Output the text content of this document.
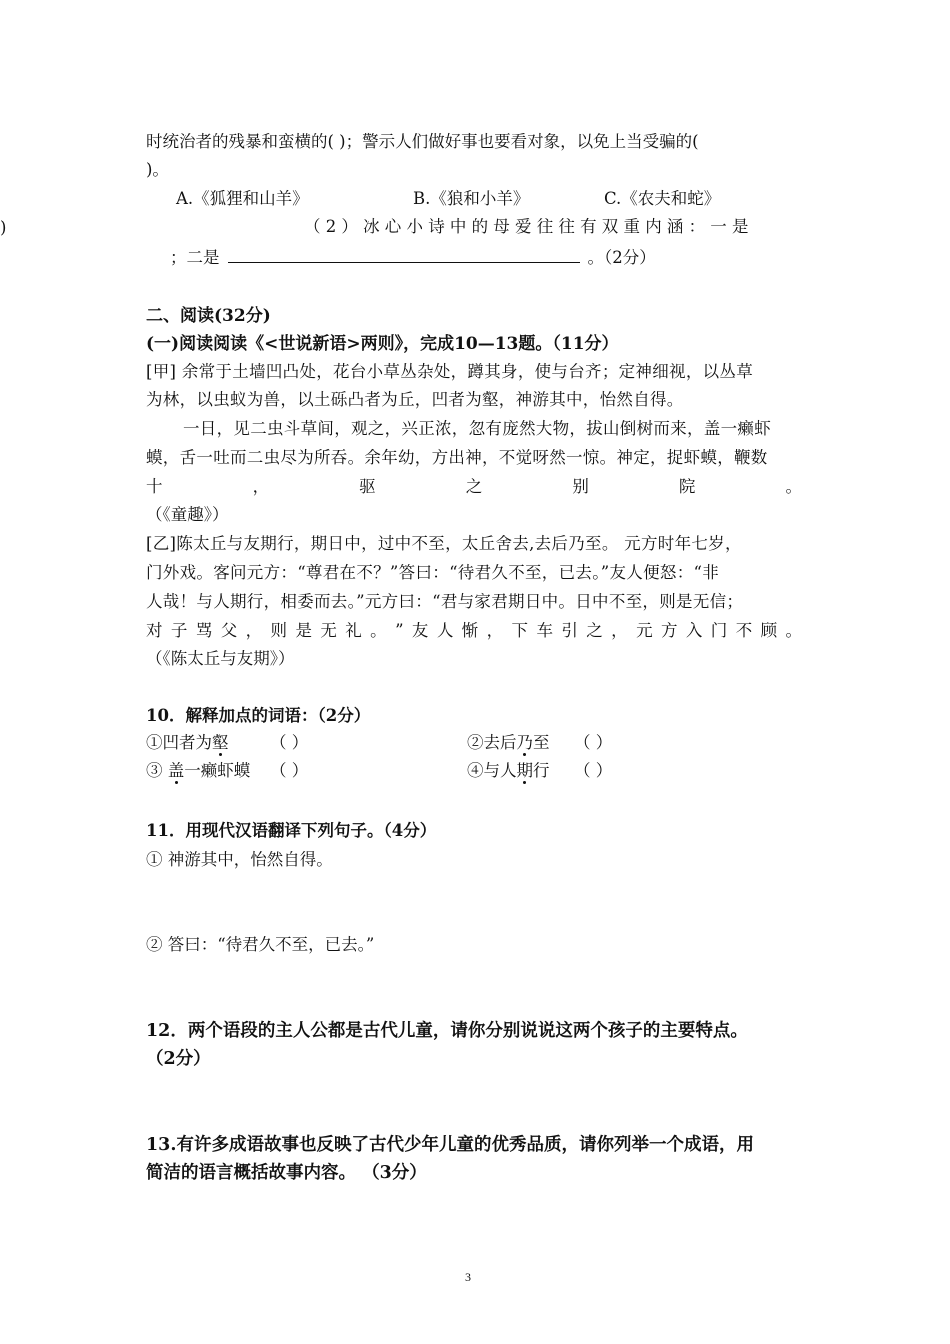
时统治者的残暴和蛮横的( )；警示人们做好事也要看对象，以免上当受骗的(
)。
A.《狐狸和山羊》	B.《狼和小羊》	C.《农夫和蛇》
)	（2）冰心小诗中的母爱往往有双重内涵：一是
；二是	。（2分）
二、阅读(32分)
(一)阅读阅读《<世说新语>两则》，完成10—13题。（11分）
[甲] 余常于土墙凹凸处，花台小草丛杂处，蹲其身，使与台齐；定神细视，以丛草
为林，以虫蚁为兽，以土砾凸者为丘，凹者为壑，神游其中，怡然自得。
一日，见二虫斗草间，观之，兴正浓，忽有庞然大物，拔山倒树而来，盖一癞虾
蟆，舌一吐而二虫尽为所吞。余年幼，方出神，不觉呀然一惊。神定，捉虾蟆，鞭数
十	，	驱	之	别	院	。
（《童趣》）
[乙]陈太丘与友期行，期日中，过中不至，太丘舍去,去后乃至。 元方时年七岁，
门外戏。客问元方：“尊君在不？”答曰：“待君久不至，已去。”友人便怒：“非
人哉！与人期行，相委而去。”元方曰：“君与家君期日中。日中不至，则是无信；
对 子 骂 父 ， 则 是 无 礼 。 ” 友 人 惭 ， 下 车 引 之 ， 元 方 入 门 不 顾 。
（《陈太丘与友期》）
10．解释加点的词语：（2分）
①凹者为壑	（ ）	②去后乃至 （ ）
③ 盖一癞虾蟆 （ ）	④与人期行 （ ）
11．用现代汉语翻译下列句子。（4分）
① 神游其中，怡然自得。
② 答曰：“待君久不至，已去。”
12．两个语段的主人公都是古代儿童，请你分别说说这两个孩子的主要特点。
（2分）
13.有许多成语故事也反映了古代少年儿童的优秀品质，请你列举一个成语，用
简洁的语言概括故事内容。 （3分）
3
